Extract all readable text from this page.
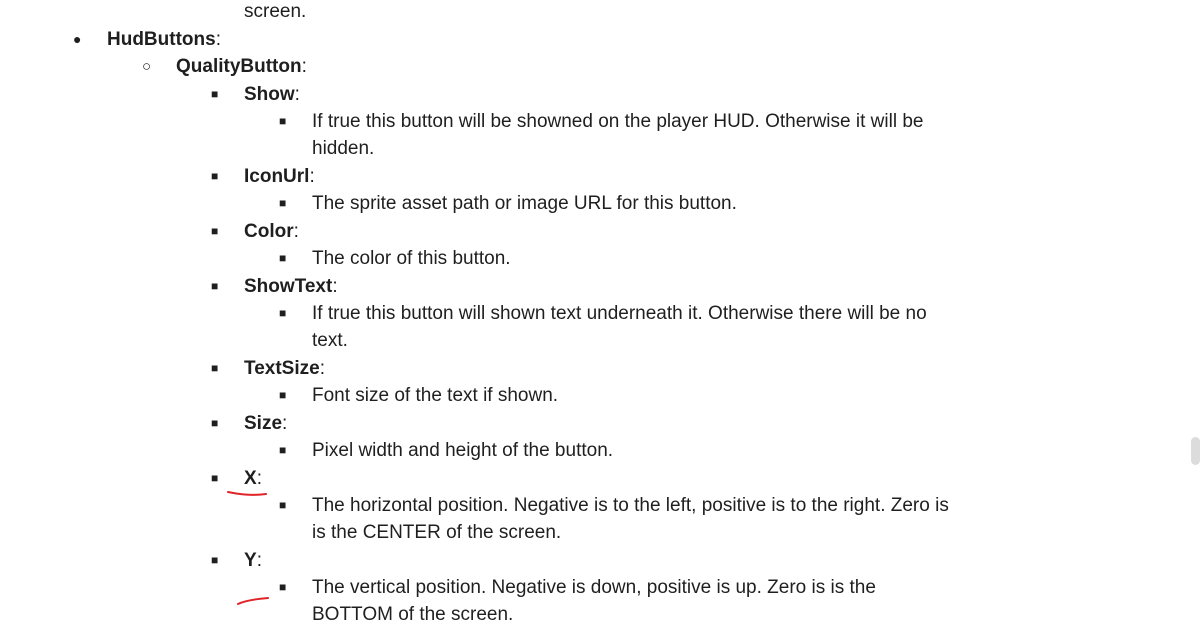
screen.
● HudButtons:
○ QualityButton:
■ Show:
■ If true this button will be showned on the player HUD. Otherwise it will be
hidden.
■ IconUrl:
■ The sprite asset path or image URL for this button.
■ Color:
■ The color of this button.
■ ShowText:
■ If true this button will shown text underneath it. Otherwise there will be no
text.
■ TextSize:
■ Font size of the text if shown.
■ Size:
■ Pixel width and height of the button.
■ X:
■ The horizontal position. Negative is to the left, positive is to the right. Zero is
is the CENTER of the screen.
■ Y:
■ The vertical position. Negative is down, positive is up. Zero is is the
BOTTOM of the screen.
